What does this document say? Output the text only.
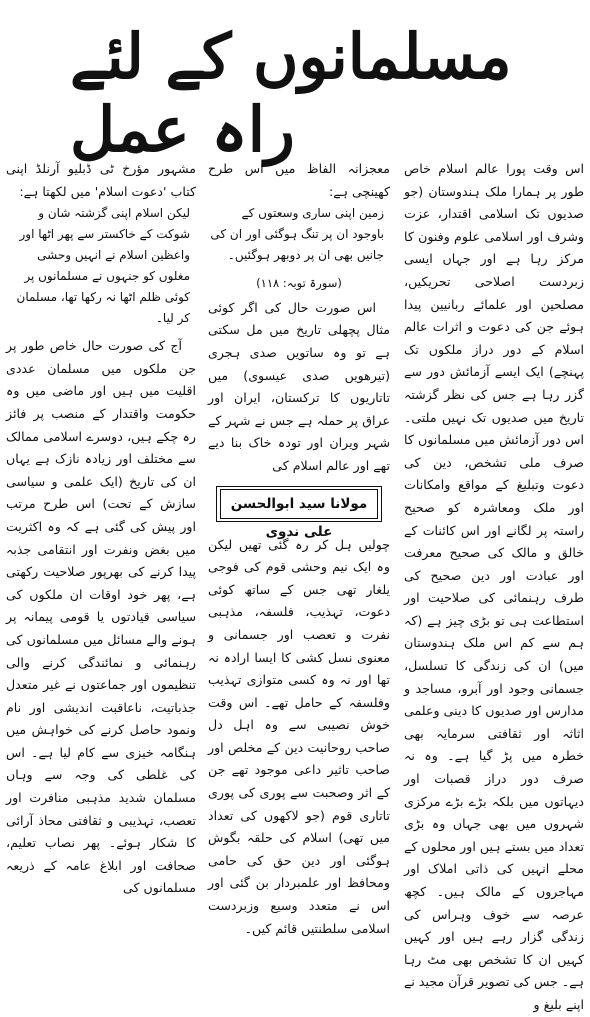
مسلمانوں کے لئے راہ عمل

اس وقت پورا عالم اسلام خاص طور پر ہمارا ملک ہندوستان (جو صدیوں تک اسلامی اقتدار، عزت وشرف اور اسلامی علوم وفنون کا مرکز رہا ہے اور جہاں ایسی زبردست اصلاحی تحریکیں، مصلحین اور علمائے ربانیین پیدا ہوئے جن کی دعوت و اثرات عالم اسلام کے دور دراز ملکوں تک پہنچے) ایک ایسے آزمائش دور سے گزر رہا ہے جس کی نظر گزشتہ تاریخ میں صدیوں تک نہیں ملتی۔ اس دور آزمائش میں مسلمانوں کا صرف ملی تشخص، دین کی دعوت وتبلیغ کے مواقع وامکانات اور ملک ومعاشرہ کو صحیح راستہ پر لگانے اور اس کائنات کے خالق و مالک کی صحیح معرفت اور عبادت اور دین صحیح کی طرف رہنمائی کی صلاحیت اور استطاعت ہی تو بڑی چیز ہے (کہ ہم سے کم اس ملک ہندوستان میں) ان کی زندگی کا تسلسل، جسمانی وجود اور آبرو، مساجد و مدارس اور صدیوں کا دینی وعلمی اثاثہ اور ثقافتی سرمایہ بھی خطرہ میں پڑ گیا ہے۔ وہ نہ صرف دور دراز قصبات اور دیہاتوں میں بلکہ بڑے بڑے مرکزی شہروں میں بھی جہاں وہ بڑی تعداد میں بستے ہیں اور محلوں کے محلے انہیں کی ذاتی املاک اور مہاجروں کے مالک ہیں۔ کچھ عرصہ سے خوف وہراس کی زندگی گزار رہے ہیں اور کہیں کہیں ان کا تشخص بھی مٹ رہا ہے۔ جس کی تصویر قرآن مجید نے اپنے بلیغ و

معجزانہ الفاظ میں اس طرح کھینچی ہے:

زمین اپنی ساری وسعتوں کے باوجود ان پر تنگ ہوگئی اور ان کی جانیں بھی ان پر دوبھر ہوگئیں۔

(سورۃ توبہ: ۱۱۸)

اس صورت حال کی اگر کوئی مثال پچھلی تاریخ میں مل سکتی ہے تو وہ ساتویں صدی ہجری (تیرھویں صدی عیسوی) میں تاتاریوں کا ترکستان، ایران اور عراق پر حملہ ہے جس نے شہر کے شہر ویران اور تودہ خاک بنا دیے تھے اور عالم اسلام کی

مولانا سید ابوالحسن علی ندوی

چولیں ہل کر رہ گئی تھیں لیکن وہ ایک نیم وحشی قوم کی فوجی یلغار تھی جس کے ساتھ کوئی دعوت، تہذیب، فلسفہ، مذہبی نفرت و تعصب اور جسمانی و معنوی نسل کشی کا ایسا ارادہ نہ تھا اور نہ وہ کسی متوازی تہذیب وفلسفہ کے حامل تھے۔ اس وقت خوش نصیبی سے وہ اہل دل صاحب روحانیت دین کے مخلص اور صاحب تاثیر داعی موجود تھے جن کے اثر وصحبت سے پوری کی پوری تاتاری قوم (جو لاکھوں کی تعداد میں تھی) اسلام کی حلقہ بگوش ہوگئی اور دین حق کی حامی ومحافظ اور علمبردار بن گئی اور اس نے متعدد وسیع وزبردست اسلامی سلطنتیں قائم کیں۔

مشہور مؤرخ ٹی ڈبلیو آرنلڈ اپنی کتاب 'دعوت اسلام' میں لکھتا ہے:

لیکن اسلام اپنی گزشتہ شان و شوکت کے خاکستر سے پھر اٹھا اور واعظین اسلام نے انہیں وحشی مغلوں کو جنہوں نے مسلمانوں پر کوئی ظلم اٹھا نہ رکھا تھا، مسلمان کر لیا۔

آج کی صورت حال خاص طور پر جن ملکوں میں مسلمان عددی اقلیت میں ہیں اور ماضی میں وہ حکومت واقتدار کے منصب پر فائز رہ چکے ہیں، دوسرے اسلامی ممالک سے مختلف اور زیادہ نازک ہے یہاں ان کی تاریخ (ایک علمی و سیاسی سازش کے تحت) اس طرح مرتب اور پیش کی گئی ہے کہ وہ اکثریت میں بغض ونفرت اور انتقامی جذبہ پیدا کرنے کی بھرپور صلاحیت رکھتی ہے، پھر خود اوقات ان ملکوں کی سیاسی قیادتوں یا قومی پیمانہ پر ہونے والے مسائل میں مسلمانوں کی رہنمائی و نمائندگی کرنے والی تنظیموں اور جماعتوں نے غیر متعدل جذباتیت، ناعاقبت اندیشی اور نام ونمود حاصل کرنے کی خواہش میں ہنگامہ خیزی سے کام لیا ہے۔ اس کی غلطی کی وجہ سے وہاں مسلمان شدید مذہبی منافرت اور تعصب، تہذیبی و ثقافتی محاذ آرائی کا شکار ہوئے۔ پھر نصاب تعلیم، صحافت اور ابلاغ عامہ کے ذریعہ مسلمانوں کی
